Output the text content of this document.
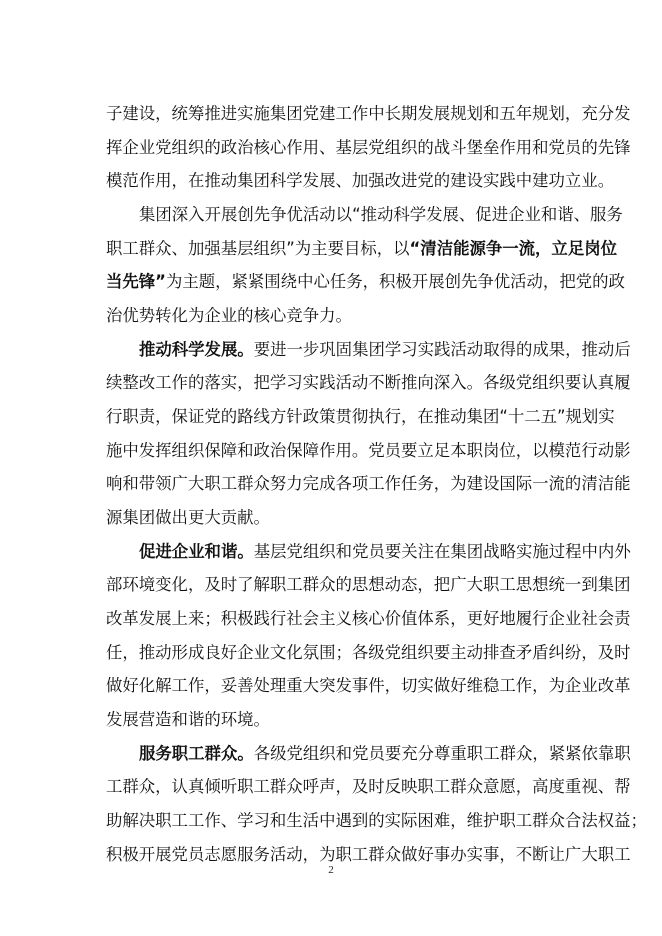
子建设，统筹推进实施集团党建工作中长期发展规划和五年规划，充分发
挥企业党组织的政治核心作用、基层党组织的战斗堡垒作用和党员的先锋
模范作用，在推动集团科学发展、加强改进党的建设实践中建功立业。
集团深入开展创先争优活动以“推动科学发展、促进企业和谐、服务
职工群众、加强基层组织”为主要目标，以“清洁能源争一流，立足岗位
当先锋”为主题，紧紧围绕中心任务，积极开展创先争优活动，把党的政
治优势转化为企业的核心竞争力。
推动科学发展。要进一步巩固集团学习实践活动取得的成果，推动后
续整改工作的落实，把学习实践活动不断推向深入。各级党组织要认真履
行职责，保证党的路线方针政策贯彻执行，在推动集团“十二五”规划实
施中发挥组织保障和政治保障作用。党员要立足本职岗位，以模范行动影
响和带领广大职工群众努力完成各项工作任务，为建设国际一流的清洁能
源集团做出更大贡献。
促进企业和谐。基层党组织和党员要关注在集团战略实施过程中内外
部环境变化，及时了解职工群众的思想动态，把广大职工思想统一到集团
改革发展上来；积极践行社会主义核心价值体系，更好地履行企业社会责
任，推动形成良好企业文化氛围；各级党组织要主动排查矛盾纠纷，及时
做好化解工作，妥善处理重大突发事件，切实做好维稳工作，为企业改革
发展营造和谐的环境。
服务职工群众。各级党组织和党员要充分尊重职工群众，紧紧依靠职
工群众，认真倾听职工群众呼声，及时反映职工群众意愿，高度重视、帮
助解决职工工作、学习和生活中遇到的实际困难，维护职工群众合法权益；
积极开展党员志愿服务活动，为职工群众做好事办实事，不断让广大职工
2
